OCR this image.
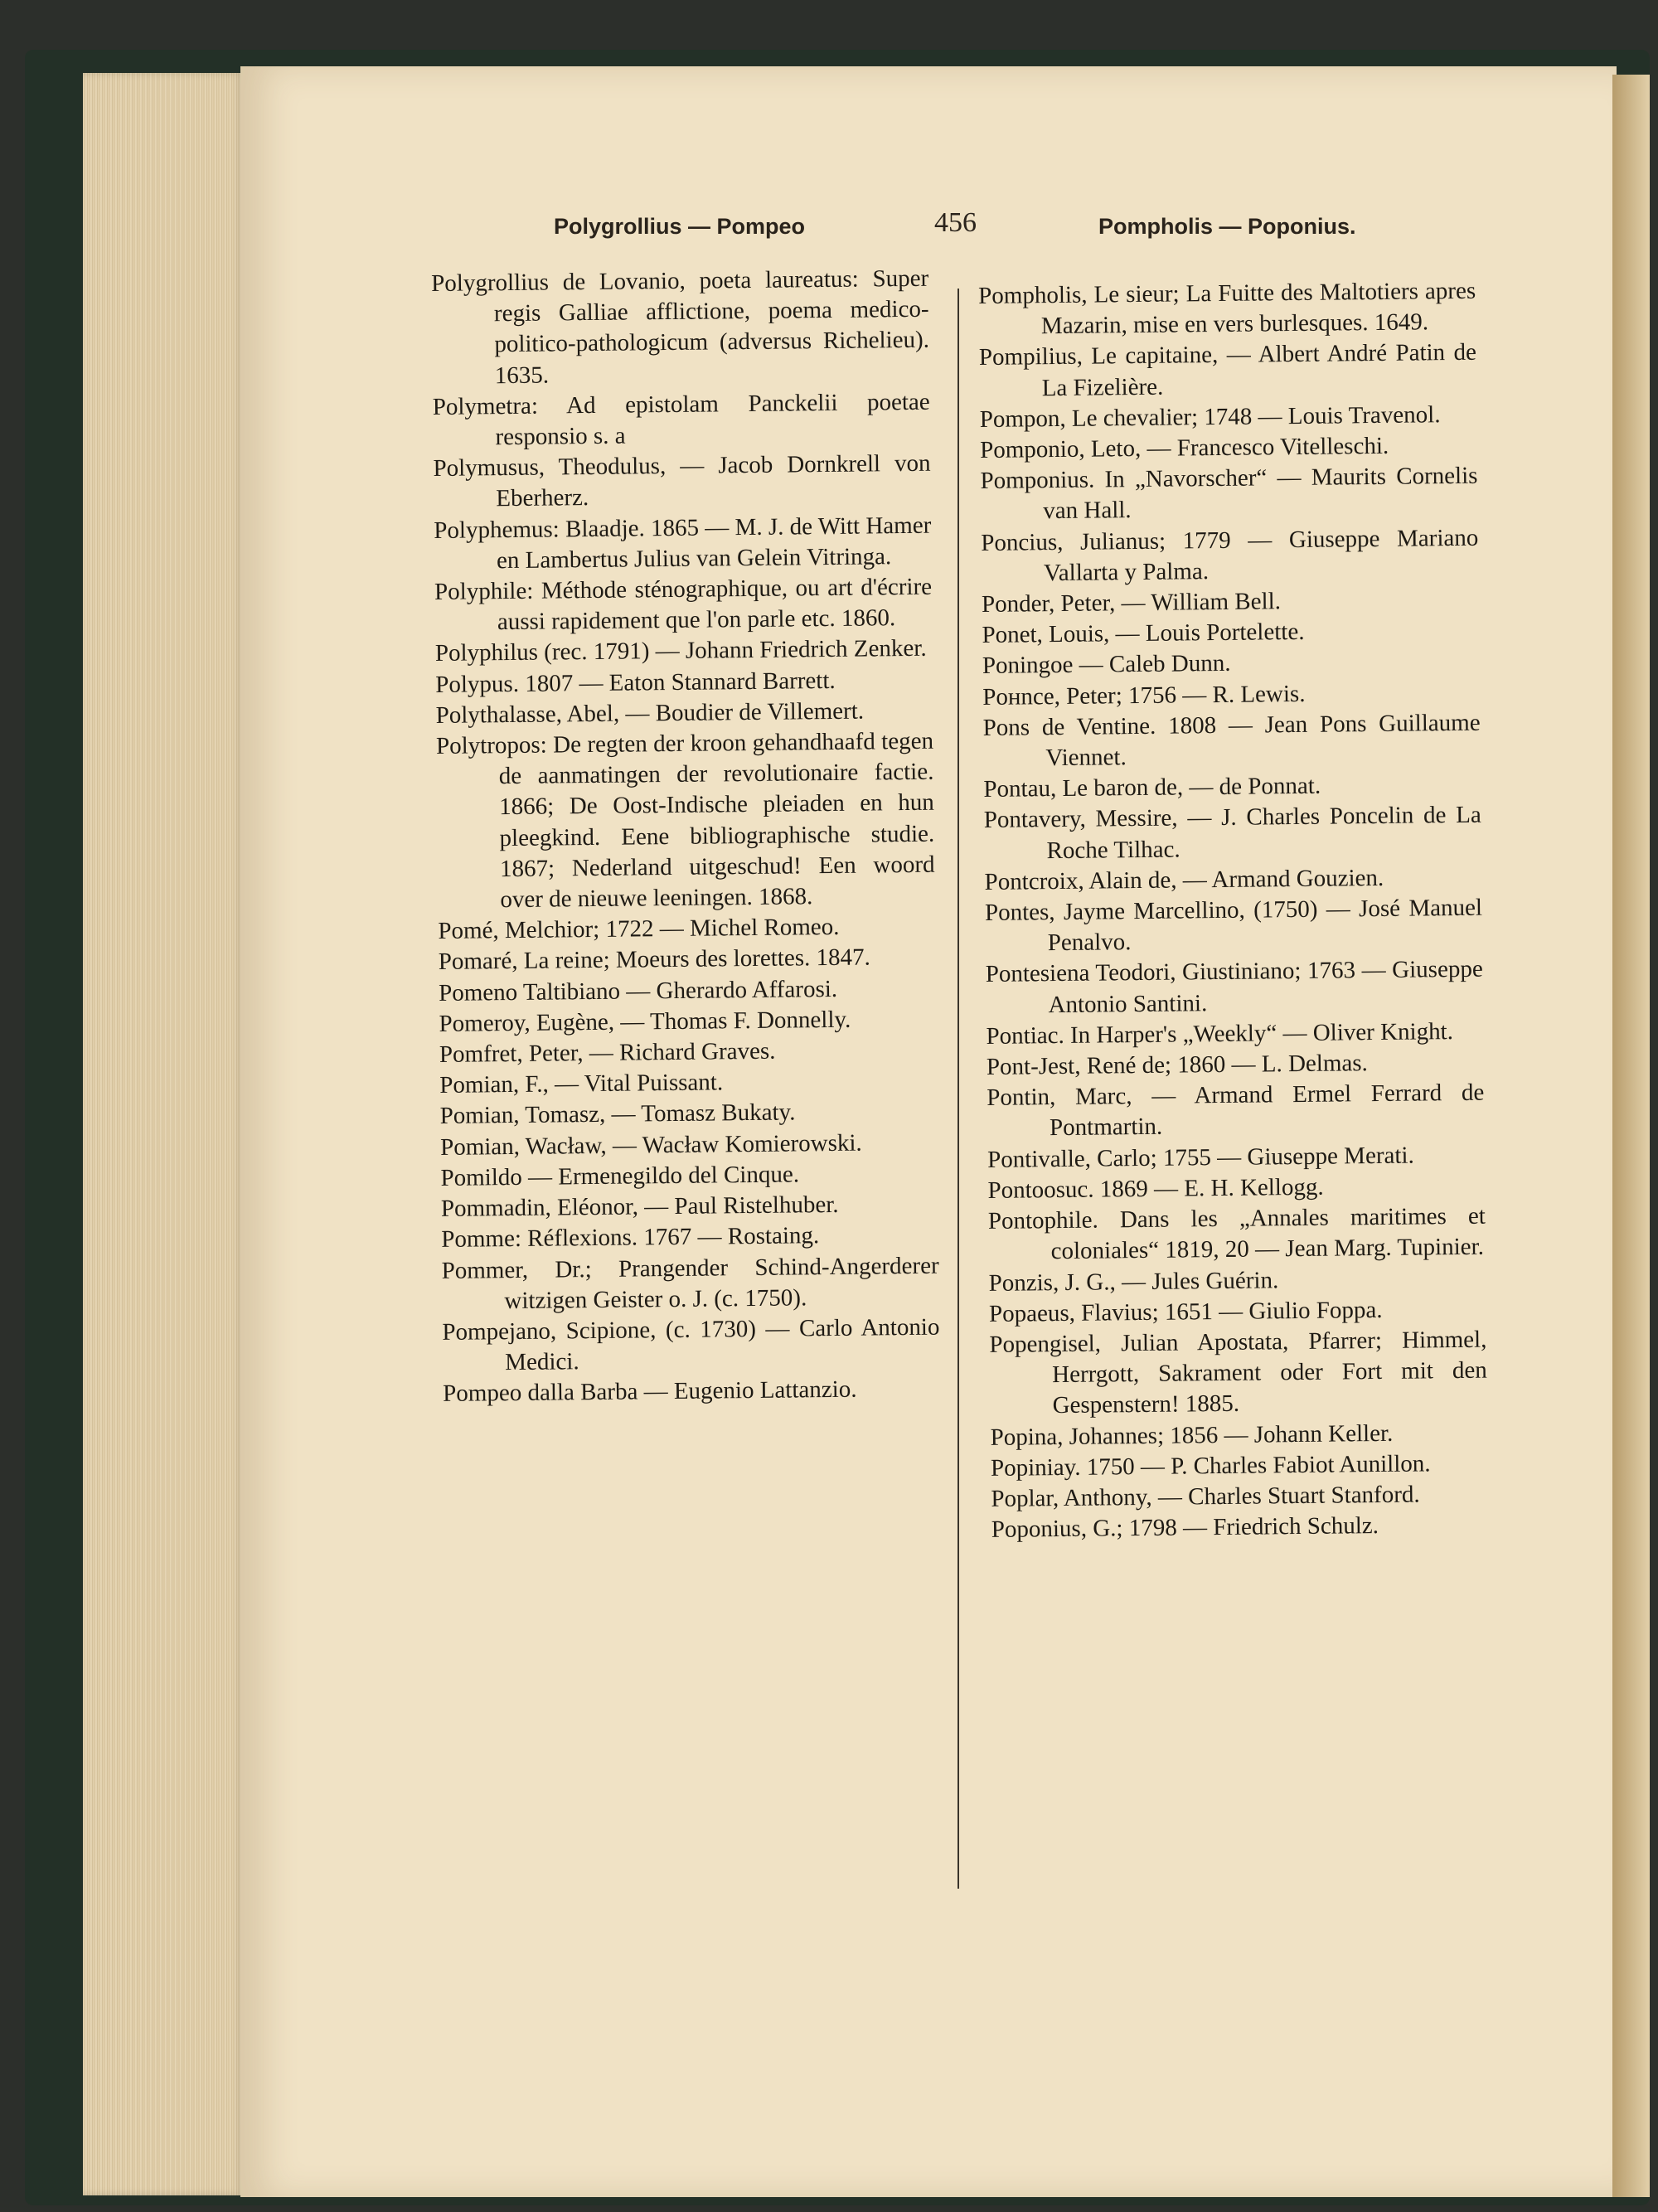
Polygrollius — Pompeo	456	Pompholis — Poponius.

Polygrollius de Lovanio, poeta laureatus: Super regis Galliae afflictione, poema medico-politico-pathologicum (adversus Richelieu). 1635.

Polymetra: Ad epistolam Panckelii poetae responsio s. a

Polymusus, Theodulus, — Jacob Dornkrell von Eberherz.

Polyphemus: Blaadje. 1865 — M. J. de Witt Hamer en Lambertus Julius van Gelein Vitringa.

Polyphile: Méthode sténographique, ou art d'écrire aussi rapidement que l'on parle etc. 1860.

Polyphilus (rec. 1791) — Johann Friedrich Zenker.

Polypus. 1807 — Eaton Stannard Barrett.

Polythalasse, Abel, — Boudier de Villemert.

Polytropos: De regten der kroon gehandhaafd tegen de aanmatingen der revolutionaire factie. 1866; De Oost-Indische pleiaden en hun pleegkind. Eene bibliographische studie. 1867; Nederland uitgeschud! Een woord over de nieuwe leeningen. 1868.

Pomé, Melchior; 1722 — Michel Romeo.

Pomaré, La reine; Moeurs des lorettes. 1847.

Pomeno Taltibiano — Gherardo Affarosi.

Pomeroy, Eugène, — Thomas F. Donnelly.

Pomfret, Peter, — Richard Graves.

Pomian, F., — Vital Puissant.

Pomian, Tomasz, — Tomasz Bukaty.

Pomian, Wacław, — Wacław Komierowski.

Pomildo — Ermenegildo del Cinque.

Pommadin, Eléonor, — Paul Ristelhuber.

Pomme: Réflexions. 1767 — Rostaing.

Pommer, Dr.; Prangender Schind-Angerderer witzigen Geister o. J. (c. 1750).

Pompejano, Scipione, (c. 1730) — Carlo Antonio Medici.

Pompeo dalla Barba — Eugenio Lattanzio.

Pompholis, Le sieur; La Fuitte des Maltotiers apres Mazarin, mise en vers burlesques. 1649.

Pompilius, Le capitaine, — Albert André Patin de La Fizelière.

Pompon, Le chevalier; 1748 — Louis Travenol.

Pomponio, Leto, — Francesco Vitelleschi.

Pomponius. In „Navorscher“ — Maurits Cornelis van Hall.

Poncius, Julianus; 1779 — Giuseppe Mariano Vallarta y Palma.

Ponder, Peter, — William Bell.

Ponet, Louis, — Louis Portelette.

Poningoe — Caleb Dunn.

Pонnce, Peter; 1756 — R. Lewis.

Pons de Ventine. 1808 — Jean Pons Guillaume Viennet.

Pontau, Le baron de, — de Ponnat.

Pontavery, Messire, — J. Charles Poncelin de La Roche Tilhac.

Pontcroix, Alain de, — Armand Gouzien.

Pontes, Jayme Marcellino, (1750) — José Manuel Penalvo.

Pontesiena Teodori, Giustiniano; 1763 — Giuseppe Antonio Santini.

Pontiac. In Harper's „Weekly“ — Oliver Knight.

Pont-Jest, René de; 1860 — L. Delmas.

Pontin, Marc, — Armand Ermel Ferrard de Pontmartin.

Pontivalle, Carlo; 1755 — Giuseppe Merati.

Pontoosuc. 1869 — E. H. Kellogg.

Pontophile. Dans les „Annales maritimes et coloniales“ 1819, 20 — Jean Marg. Tupinier.

Ponzis, J. G., — Jules Guérin.

Popaeus, Flavius; 1651 — Giulio Foppa.

Popengisel, Julian Apostata, Pfarrer; Himmel, Herrgott, Sakrament oder Fort mit den Gespenstern! 1885.

Popina, Johannes; 1856 — Johann Keller.

Popiniay. 1750 — P. Charles Fabiot Aunillon.

Poplar, Anthony, — Charles Stuart Stanford.

Poponius, G.; 1798 — Friedrich Schulz.
